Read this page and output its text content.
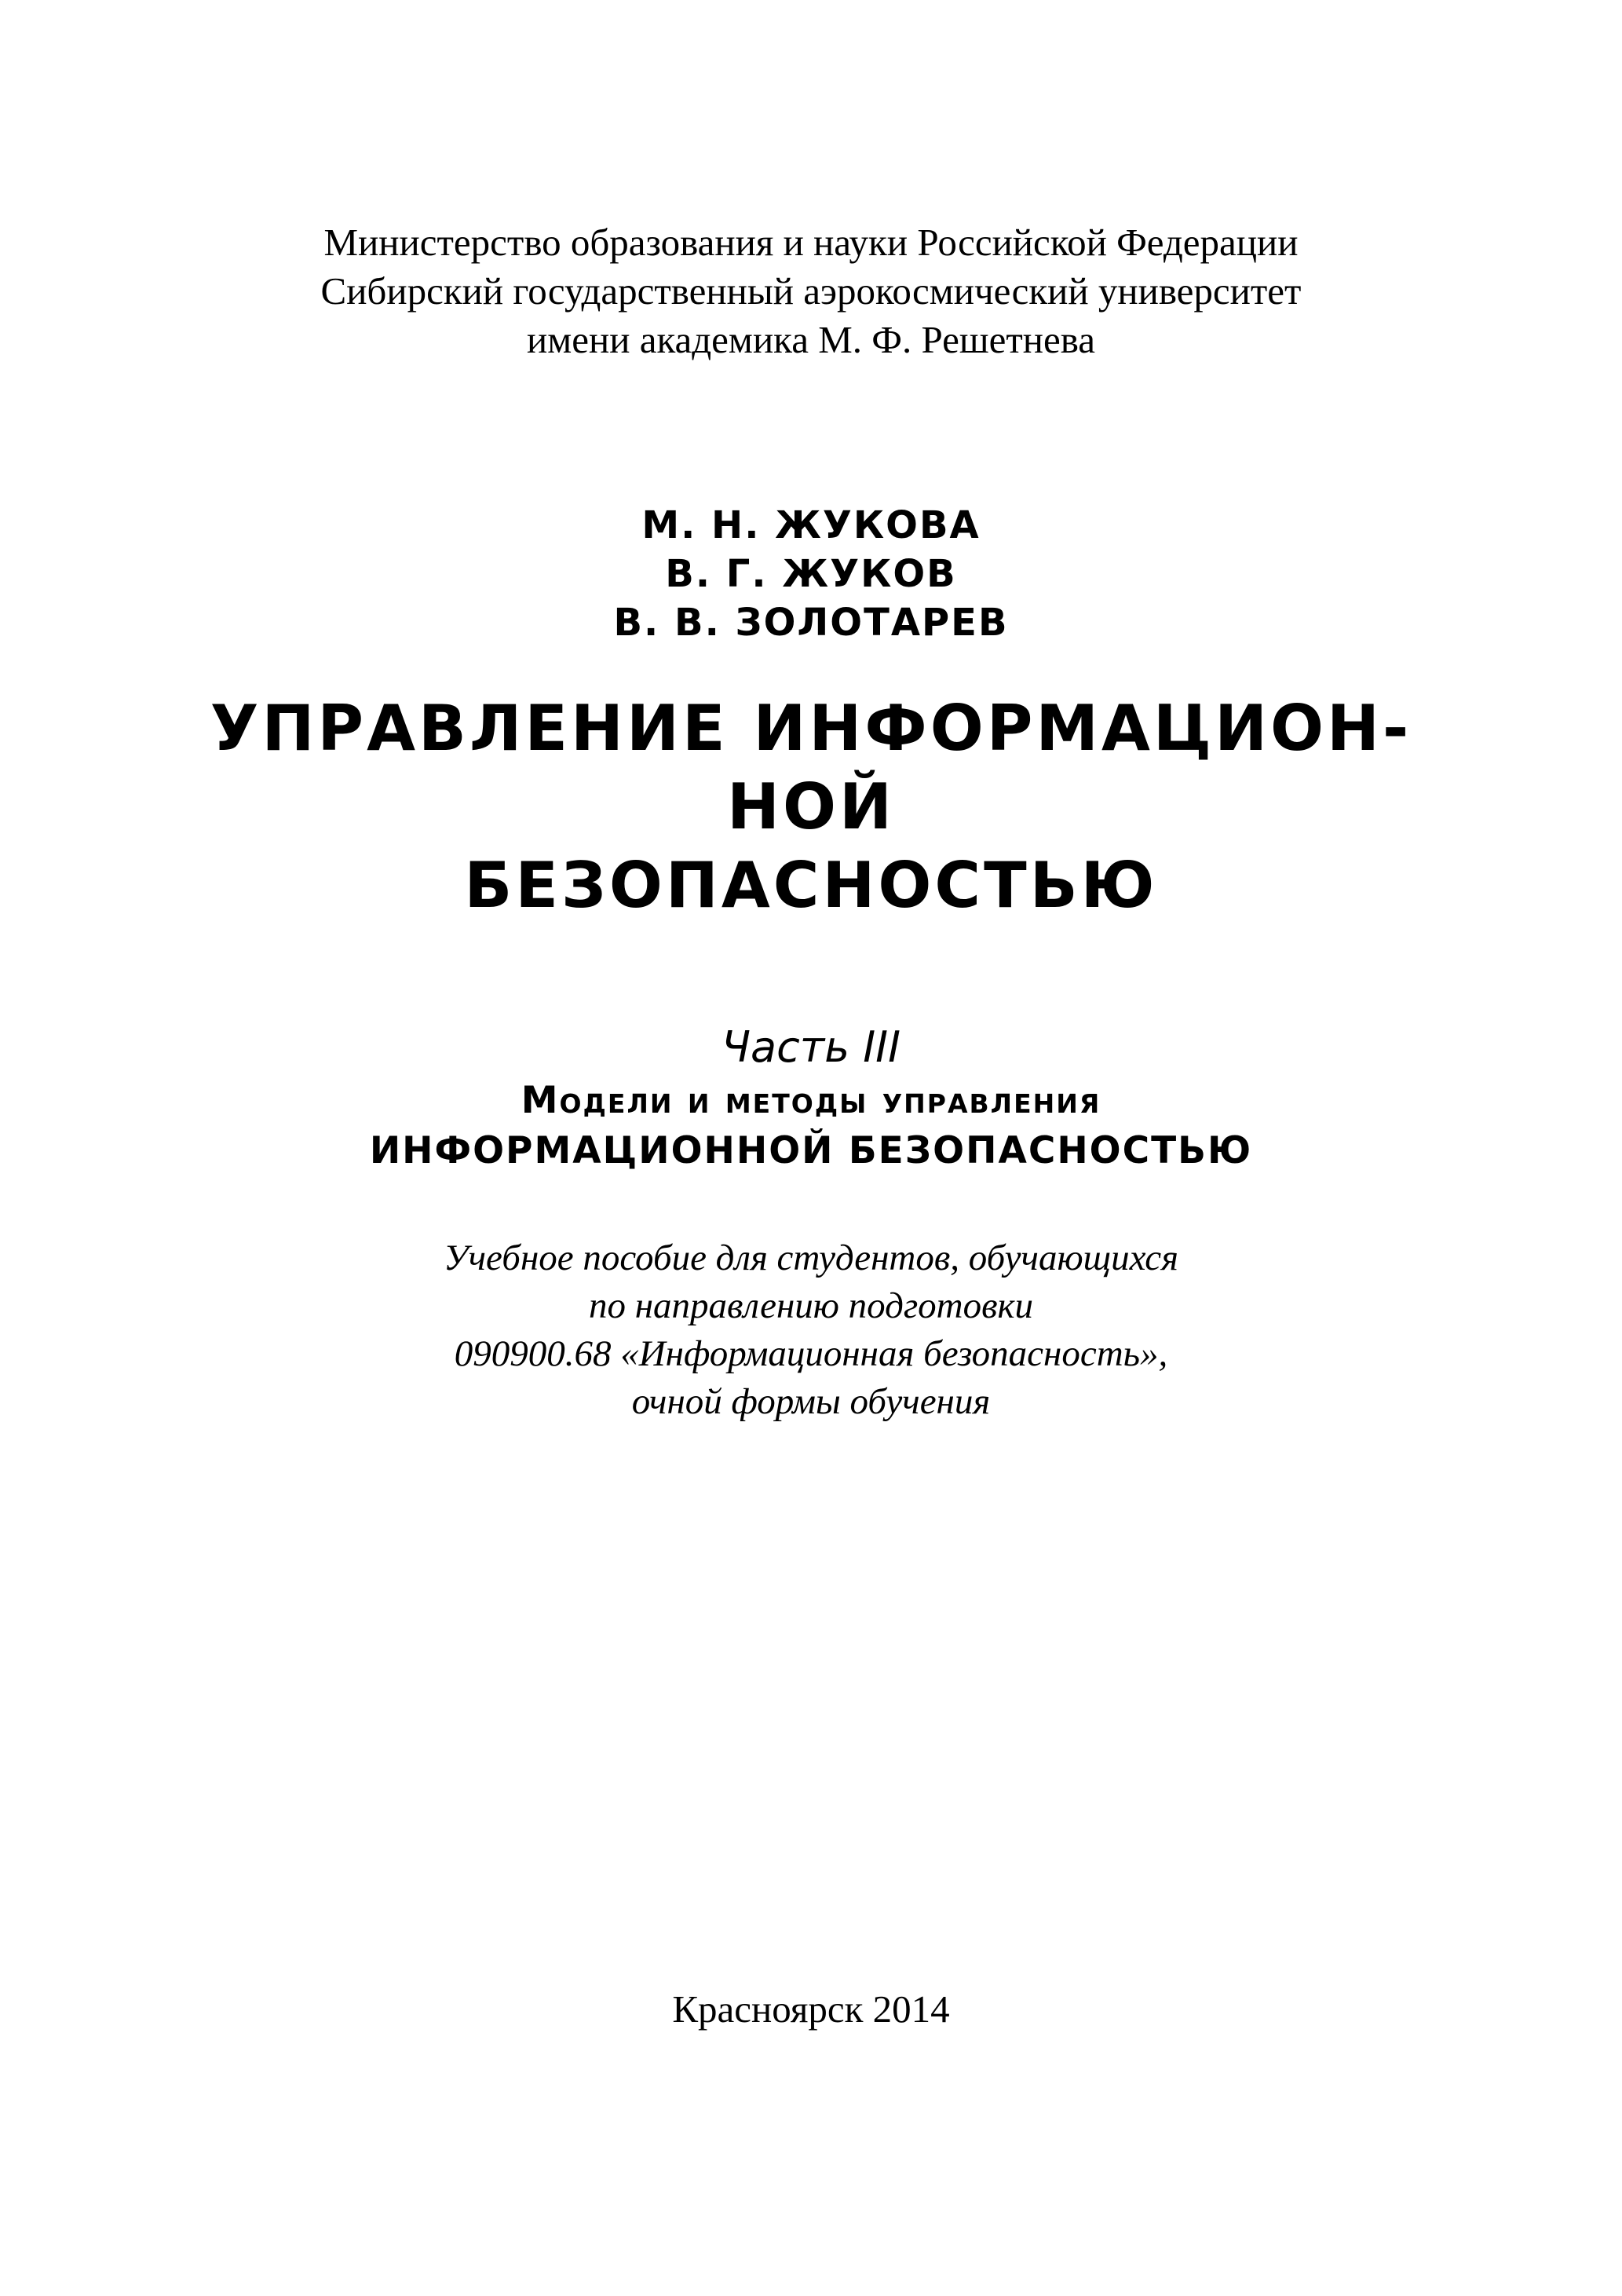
Министерство образования и науки Российской Федерации
Сибирский государственный аэрокосмический университет
имени академика М. Ф. Решетнева
М. Н. ЖУКОВА
В. Г. ЖУКОВ
В. В. ЗОЛОТАРЕВ
УПРАВЛЕНИЕ ИНФОРМАЦИОН-
НОЙ
БЕЗОПАСНОСТЬЮ
Часть III
Модели и методы управления
ИНФОРМАЦИОННОЙ БЕЗОПАСНОСТЬЮ
Учебное пособие для студентов, обучающихся
по направлению подготовки
090900.68 «Информационная безопасность»,
очной формы обучения
Красноярск 2014
